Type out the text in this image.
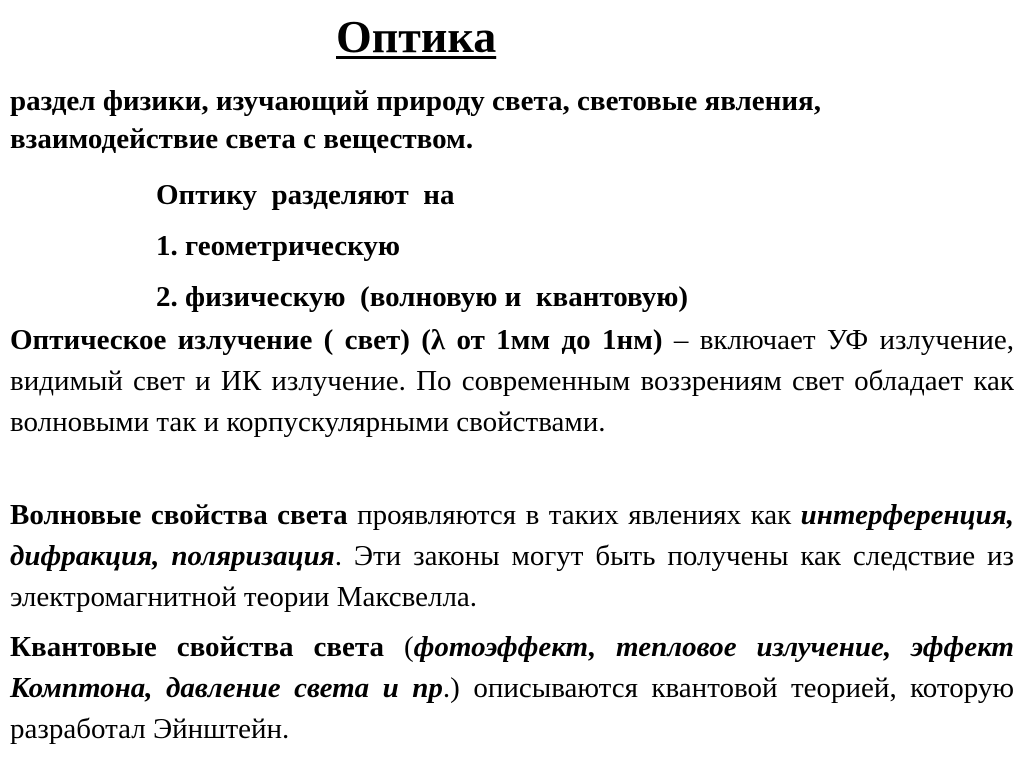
Оптика

раздел физики, изучающий природу света, световые явления, взаимодействие света с веществом.

Оптику  разделяют  на
1. геометрическую
2. физическую  (волновую и  квантовую)

Оптическое излучение ( свет) (λ от 1мм до 1нм) – включает УФ излучение, видимый свет и ИК излучение. По современным воззрениям свет обладает как волновыми так и корпускулярными свойствами.

Волновые свойства света проявляются в таких явлениях как интерференция, дифракция, поляризация. Эти законы могут быть получены как следствие из электромагнитной теории Максвелла.

Квантовые свойства света (фотоэффект, тепловое излучение, эффект Комптона, давление света и пр.) описываются квантовой теорией, которую разработал Эйнштейн.
